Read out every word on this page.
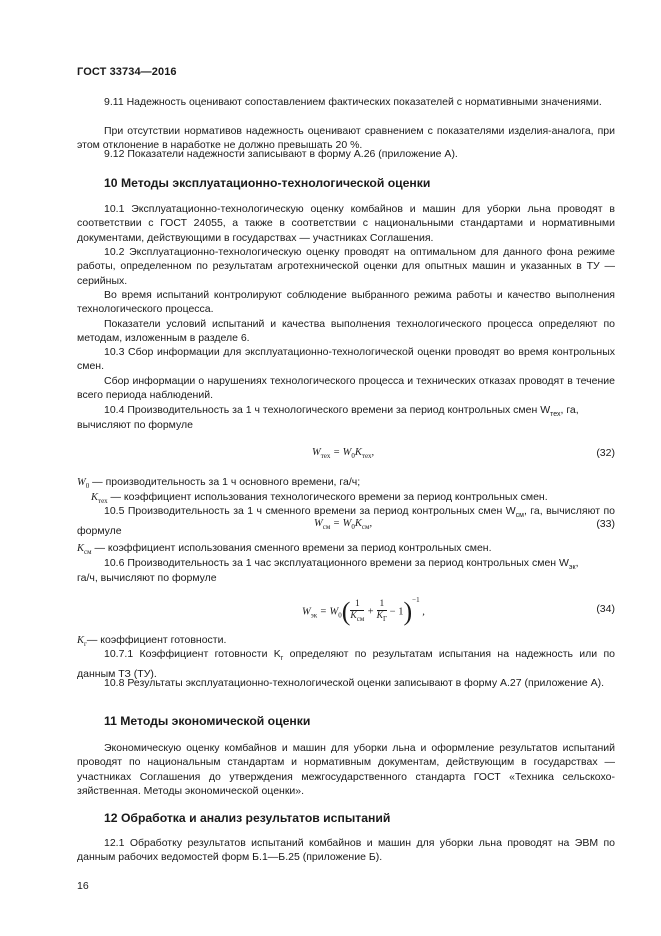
ГОСТ 33734—2016
9.11 Надежность оценивают сопоставлением фактических показателей с нормативными значениями.
При отсутствии нормативов надежность оценивают сравнением с показателями изделия-аналога, при этом отклонение в наработке не должно превышать 20 %.
9.12 Показатели надежности записывают в форму А.26 (приложение А).
10 Методы эксплуатационно-технологической оценки
10.1 Эксплуатационно-технологическую оценку комбайнов и машин для уборки льна проводят в соответствии с ГОСТ 24055, а также в соответствии с национальными стандартами и нормативными документами, действующими в государствах — участниках Соглашения.
10.2 Эксплуатационно-технологическую оценку проводят на оптимальном для данного фона режиме работы, определенном по результатам агротехнической оценки для опытных машин и указанных в ТУ — серийных.
Во время испытаний контролируют соблюдение выбранного режима работы и качество выполнения технологического процесса.
Показатели условий испытаний и качества выполнения технологического процесса определяют по методам, изложенным в разделе 6.
10.3 Сбор информации для эксплуатационно-технологической оценки проводят во время контрольных смен.
Сбор информации о нарушениях технологического процесса и технических отказах проводят в течение всего периода наблюдений.
10.4 Производительность за 1 ч технологического времени за период контрольных смен $W_{тех}$, га,
вычисляют по формуле
$W_{тех} = W_0K_{тех}$,	(32)
$W_0$ — производительность за 1 ч основного времени, га/ч;
$K_{тех}$ — коэффициент использования технологического времени за период контрольных смен.
10.5 Производительность за 1 ч сменного времени за период контрольных смен $W_{см}$, га, вычисляют по формуле
$W_{см} = W_0K_{см}$,	(33)
$K_{см}$ — коэффициент использования сменного времени за период контрольных смен.
10.6 Производительность за 1 час эксплуатационного времени за период контрольных смен $W_{эк}$,
га/ч, вычисляют по формуле
$W_{эк} = W_0( \frac{1}{K_{см}} + \frac{1}{K_Г} - 1)^{-1}$ ,	(34)
$K_г—$ коэффициент готовности.
10.7.1 Коэффициент готовности $K_г$ определяют по результатам испытания на надежность или по данным ТЗ (ТУ).
10.8 Результаты эксплуатационно-технологической оценки записывают в форму А.27 (приложение А).
11 Методы экономической оценки
Экономическую оценку комбайнов и машин для уборки льна и оформление результатов испытаний проводят по национальным стандартам и нормативным документам, действующим в государствах — участниках Соглашения до утверждения межгосударственного стандарта ГОСТ «Техника сельскохозяйственная. Методы экономической оценки».
12 Обработка и анализ результатов испытаний
12.1 Обработку результатов испытаний комбайнов и машин для уборки льна проводят на ЭВМ по данным рабочих ведомостей форм Б.1—Б.25 (приложение Б).
16
